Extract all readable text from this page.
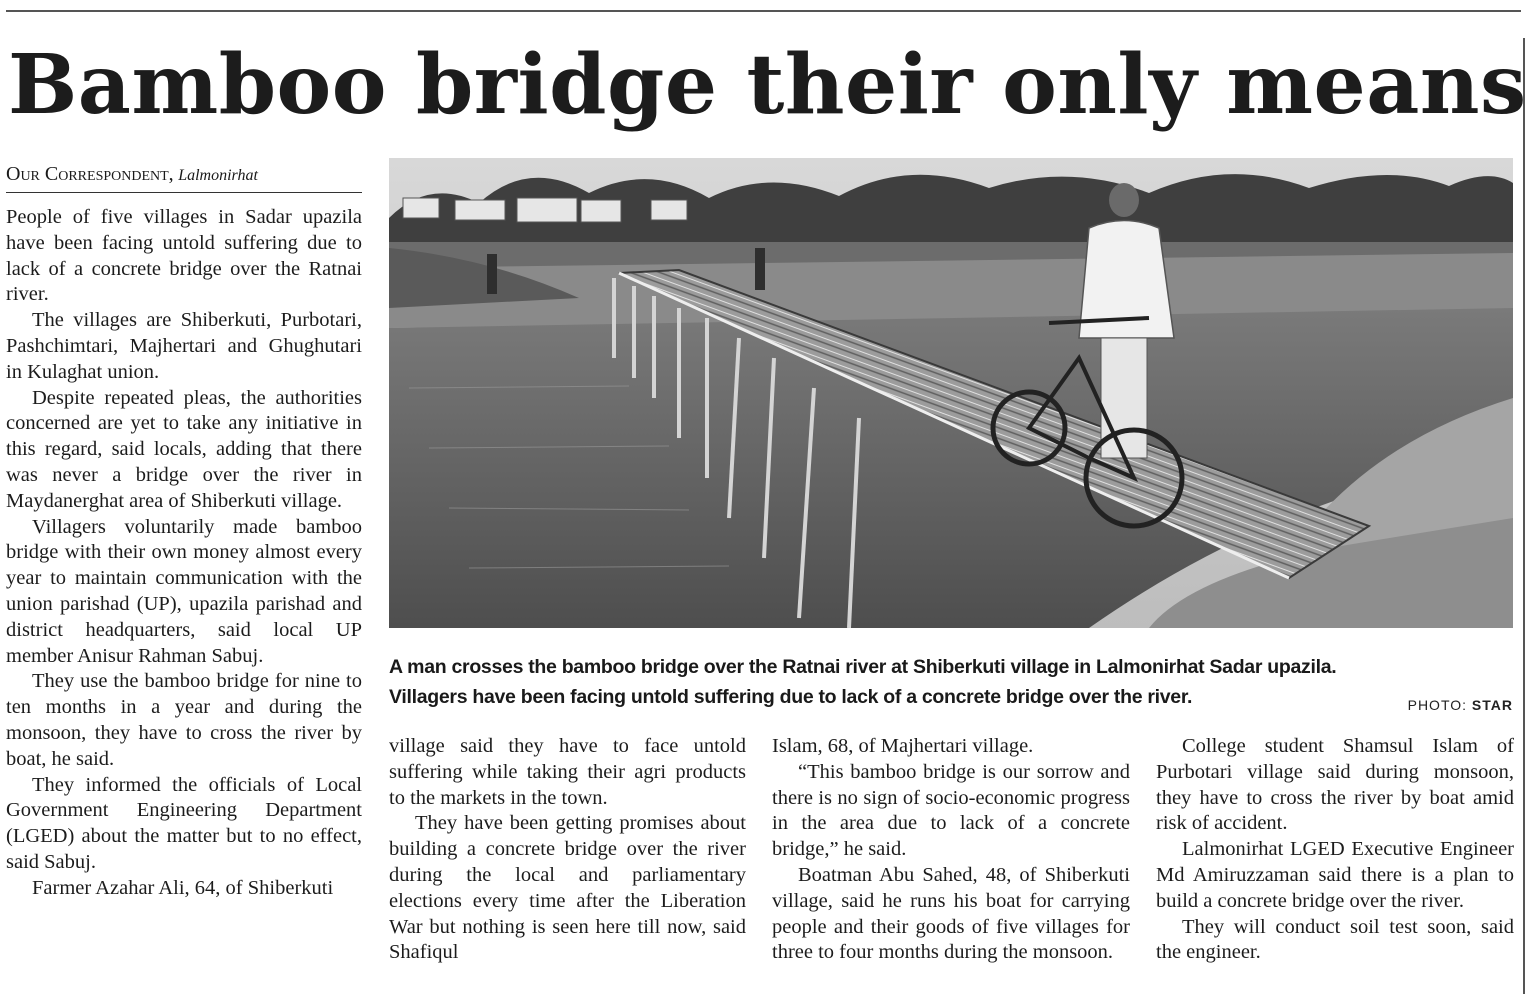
Bamboo bridge their only means
Our Correspondent, Lalmonirhat

People of five villages in Sadar upazila have been facing untold suffering due to lack of a concrete bridge over the Ratnai river.

The villages are Shiberkuti, Purbotari, Pashchimtari, Majhertari and Ghughutari in Kulaghat union.

Despite repeated pleas, the authorities concerned are yet to take any initiative in this regard, said locals, adding that there was never a bridge over the river in Maydanerghat area of Shiberkuti village.

Villagers voluntarily made bamboo bridge with their own money almost every year to maintain communication with the union parishad (UP), upazila parishad and district headquarters, said local UP member Anisur Rahman Sabuj.

They use the bamboo bridge for nine to ten months in a year and during the monsoon, they have to cross the river by boat, he said.

They informed the officials of Local Government Engineering Department (LGED) about the matter but to no effect, said Sabuj.

Farmer Azahar Ali, 64, of Shiberkuti

A man crosses the bamboo bridge over the Ratnai river at Shiberkuti village in Lalmonirhat Sadar upazila.
Villagers have been facing untold suffering due to lack of a concrete bridge over the river.	PHOTO: STAR

village said they have to face untold suffering while taking their agri products to the markets in the town.

They have been getting promises about building a concrete bridge over the river during the local and parliamentary elections every time after the Liberation War but nothing is seen here till now, said Shafiqul

Islam, 68, of Majhertari village.

“This bamboo bridge is our sorrow and there is no sign of socio-economic progress in the area due to lack of a concrete bridge,” he said.

Boatman Abu Sahed, 48, of Shiberkuti village, said he runs his boat for carrying people and their goods of five villages for three to four months during the monsoon.

College student Shamsul Islam of Purbotari village said during monsoon, they have to cross the river by boat amid risk of accident.

Lalmonirhat LGED Executive Engineer Md Amiruzzaman said there is a plan to build a concrete bridge over the river.

They will conduct soil test soon, said the engineer.
